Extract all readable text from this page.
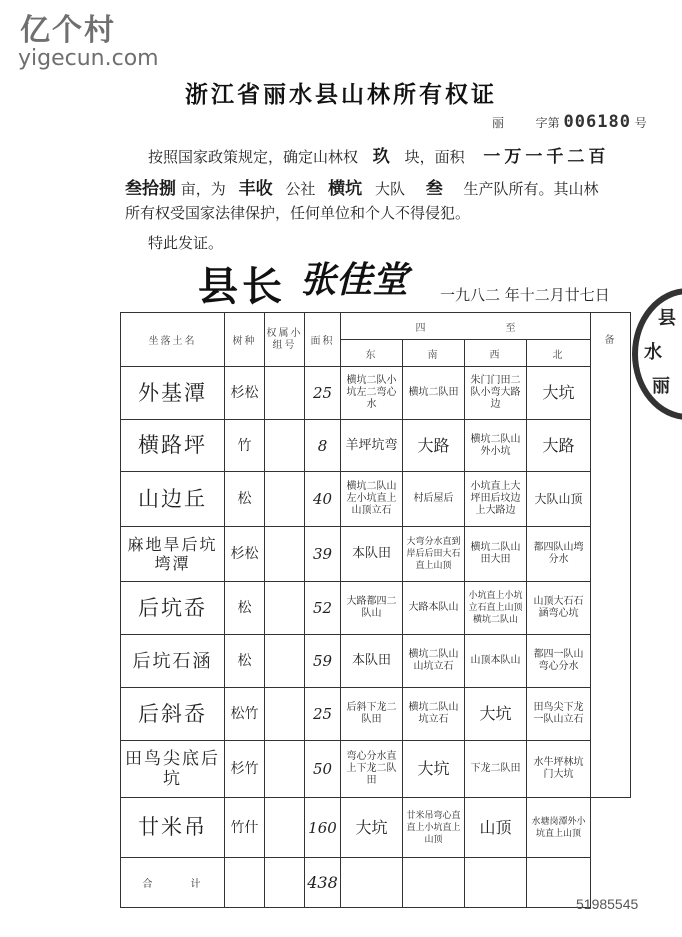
亿个村
yigecun.com
浙江省丽水县山林所有权证
丽	字第 006180 号
按照国家政策规定，确定山林权 玖 块，面积 一万一千二百
叁拾捌 亩，为 丰收 公社 横坑 大队 叁 生产队所有。其山林
所有权受国家法律保护，任何单位和个人不得侵犯。
特此发证。
县长 张佳堂 一九八二 年十二月廿七日
丽
水
县
坐落土名	树种	权属小组号	面积	四　　　　　　　　至				备
				东	南	西	北	
外基潭	杉松		25	横坑二队小坑左二弯心水	横坑二队田	朱门门田二队小弯大路边	大坑	
横路坪	竹		8	羊坪坑弯	大路	横坑二队山外小坑	大路	
山边丘	松		40	横坑二队山左小坑直上山顶立石	村后屋后	小坑直上大坪田后坟边上大路边	大队山顶	
麻地旱后坑塆潭	杉松		39	本队田	大弯分水直到岸后后田大石直上山顶	横坑二队山田大田	都四队山塆分水	
后坑岙	松		52	大路都四二队山	大路本队山	小坑直上小坑立石直上山顶横坑二队山	山顶大石石涵弯心坑	
后坑石涵	松		59	本队田	横坑二队山山坑立石	山顶本队山	都四一队山弯心分水	
后斜岙	松竹		25	后斜下龙二队田	横坑二队山坑立石	大坑	田鸟尖下龙一队山立石	
田鸟尖底后坑	杉竹		50	弯心分水直上下龙二队田	大坑	下龙二队田	水牛坪林坑门大坑	
廿米吊	竹什		160	大坑	廿米吊弯心直直上小坑直上山顶	山顶	水塘岗潭外小坑直上山顶	
合　　　计			438					
51985545
